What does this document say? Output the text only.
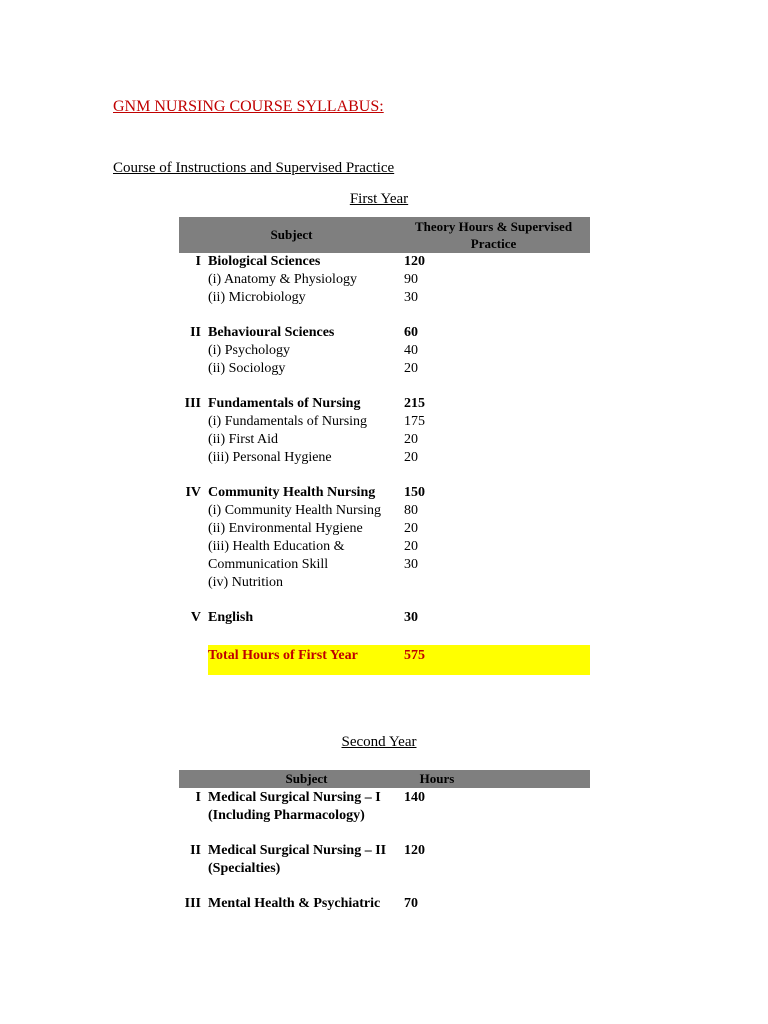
GNM NURSING COURSE SYLLABUS:
Course of Instructions and Supervised Practice
First Year
Subject
Theory Hours & Supervised
Practice
I Biological Sciences	120
(i) Anatomy & Physiology	90
(ii) Microbiology	30
II Behavioural Sciences	60
(i) Psychology	40
(ii) Sociology	20
III Fundamentals of Nursing	215
(i) Fundamentals of Nursing	175
(ii) First Aid	20
(iii) Personal Hygiene	20
IV Community Health Nursing 150
(i) Community Health Nursing 80
(ii) Environmental Hygiene	20
(iii) Health Education &	20
Communication Skill	30
(iv) Nutrition
V English	30
Total Hours of First Year	575
Second Year
Subject	Hours
I Medical Surgical Nursing – I 140
(Including Pharmacology)
II Medical Surgical Nursing – II 120
(Specialties)
III Mental Health & Psychiatric 70
